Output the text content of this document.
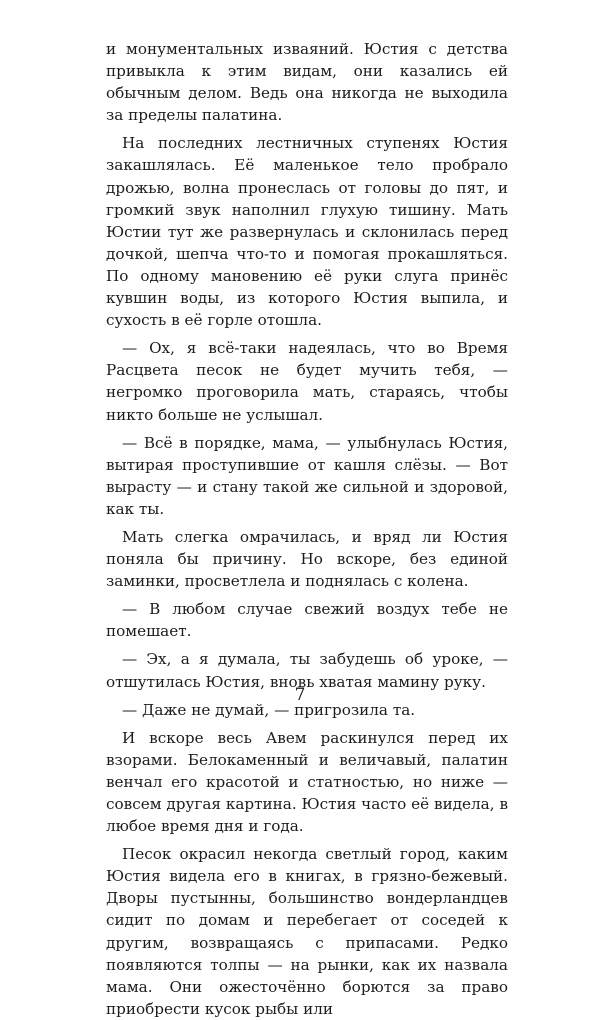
и монументальных изваяний. Юстия с детства привыкла к этим видам, они казались ей обычным делом. Ведь она никогда не выходила за пределы палатина.

На последних лестничных ступенях Юстия закашлялась. Её маленькое тело пробрало дрожью, волна пронеслась от головы до пят, и громкий звук наполнил глухую тишину. Мать Юстии тут же развернулась и склонилась перед дочкой, шепча что-то и помогая прокашляться. По одному мановению её руки слуга принёс кувшин воды, из которого Юстия выпила, и сухость в её горле отошла.

— Ох, я всё-таки надеялась, что во Время Расцвета песок не будет мучить тебя, — негромко проговорила мать, стараясь, чтобы никто больше не услышал.

— Всё в порядке, мама, — улыбнулась Юстия, вытирая проступившие от кашля слёзы. — Вот вырасту — и стану такой же сильной и здоровой, как ты.

Мать слегка омрачилась, и вряд ли Юстия поняла бы причину. Но вскоре, без единой заминки, просветлела и поднялась с колена.

— В любом случае свежий воздух тебе не помешает.

— Эх, а я думала, ты забудешь об уроке, — отшутилась Юстия, вновь хватая мамину руку.

— Даже не думай, — пригрозила та.

И вскоре весь Авем раскинулся перед их взорами. Белокаменный и величавый, палатин венчал его красотой и статностью, но ниже — совсем другая картина. Юстия часто её видела, в любое время дня и года.

Песок окрасил некогда светлый город, каким Юстия видела его в книгах, в грязно-бежевый. Дворы пустынны, большинство вондерландцев сидит по домам и перебегает от соседей к другим, возвращаясь с припасами. Редко появляются толпы — на рынки, как их назвала мама. Они ожесточённо борются за право приобрести кусок рыбы или

7
